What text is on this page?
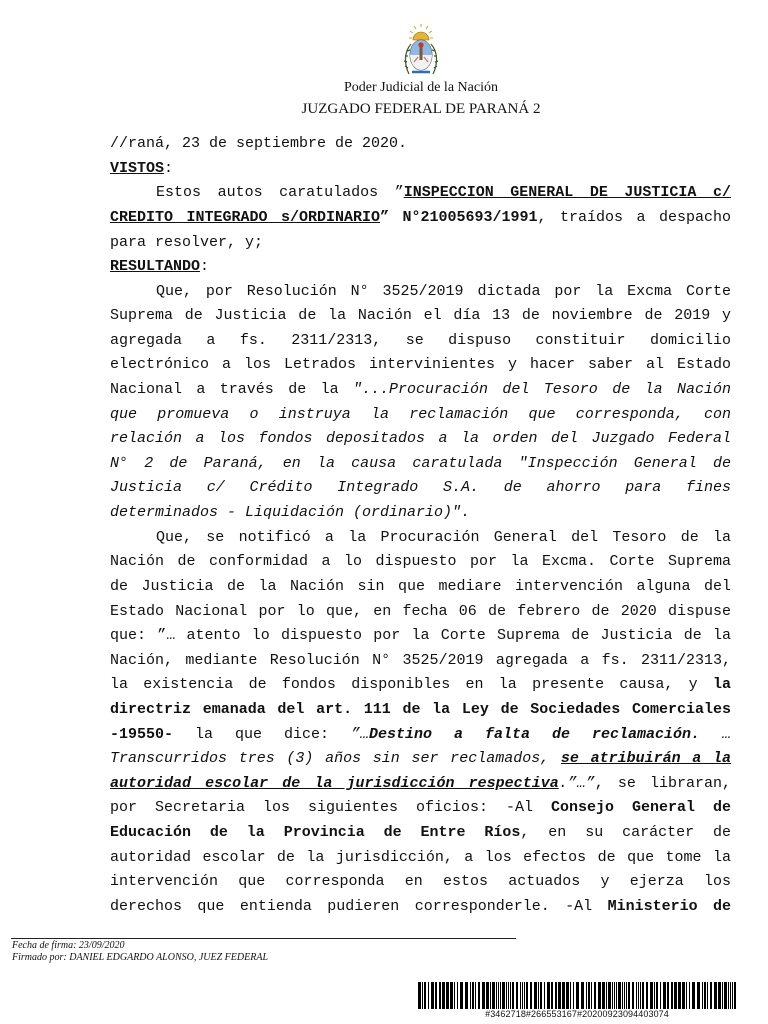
Poder Judicial de la Nación
JUZGADO FEDERAL DE PARANÁ 2
//raná, 23 de septiembre de 2020.
VISTOS:
Estos autos caratulados ”INSPECCION GENERAL DE JUSTICIA c/
CREDITO INTEGRADO s/ORDINARIO” N°21005693/1991, traídos a despacho
para resolver, y;
RESULTANDO:
Que, por Resolución N° 3525/2019 dictada por la Excma Corte
Suprema de Justicia de la Nación el día 13 de noviembre de 2019 y
agregada a fs. 2311/2313, se dispuso constituir domicilio
electrónico a los Letrados intervinientes y hacer saber al Estado
Nacional a través de la "...Procuración del Tesoro de la Nación
que promueva o instruya la reclamación que corresponda, con
relación a los fondos depositados a la orden del Juzgado Federal
N° 2 de Paraná, en la causa caratulada "Inspección General de
Justicia c/ Crédito Integrado S.A. de ahorro para fines
determinados - Liquidación (ordinario)".
Que, se notificó a la Procuración General del Tesoro de la
Nación de conformidad a lo dispuesto por la Excma. Corte Suprema
de Justicia de la Nación sin que mediare intervención alguna del
Estado Nacional por lo que, en fecha 06 de febrero de 2020 dispuse
que: ”… atento lo dispuesto por la Corte Suprema de Justicia de la
Nación, mediante Resolución N° 3525/2019 agregada a fs. 2311/2313,
la existencia de fondos disponibles en la presente causa, y la
directriz emanada del art. 111 de la Ley de Sociedades Comerciales
-19550- la que dice: ”…Destino a falta de reclamación. …
Transcurridos tres (3) años sin ser reclamados, se atribuirán a la
autoridad escolar de la jurisdicción respectiva.”…”, se libraran,
por Secretaria los siguientes oficios: -Al Consejo General de
Educación de la Provincia de Entre Ríos, en su carácter de
autoridad escolar de la jurisdicción, a los efectos de que tome la
intervención que corresponda en estos actuados y ejerza los
derechos que entienda pudieren corresponderle. -Al Ministerio de
Fecha de firma: 23/09/2020
Firmado por: DANIEL EDGARDO ALONSO, JUEZ FEDERAL
#3462718#266553167#20200923094403074
